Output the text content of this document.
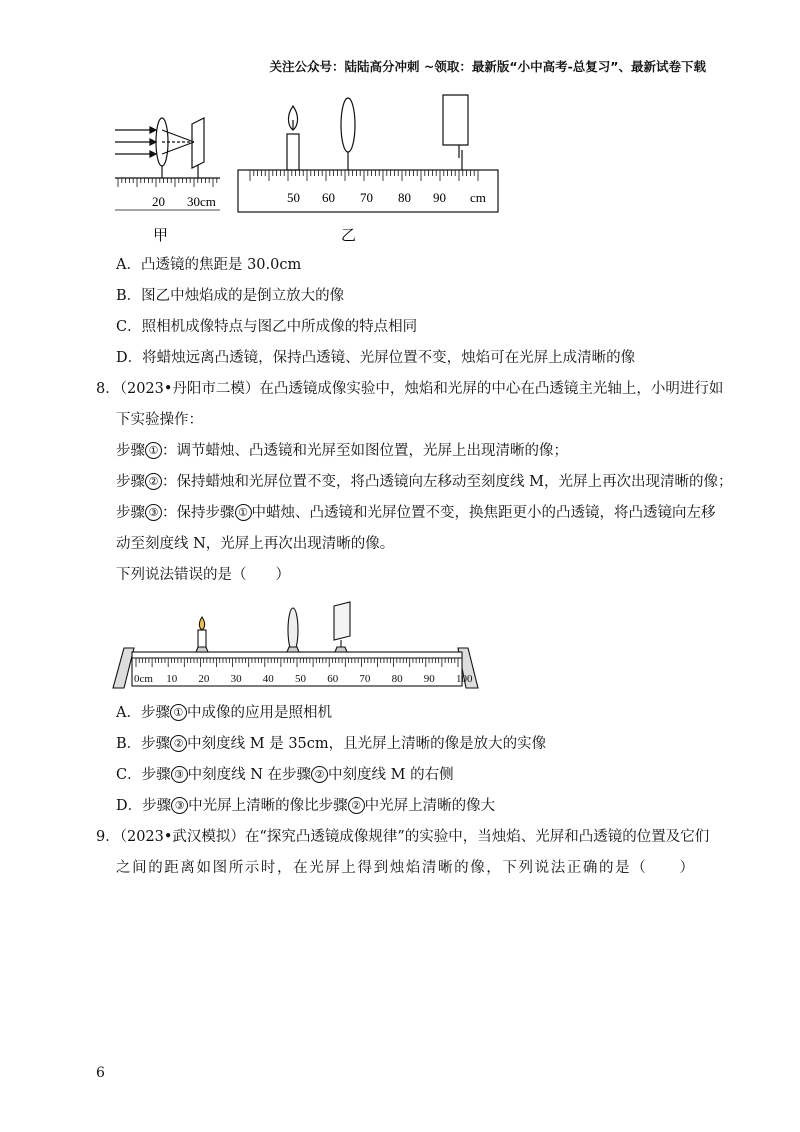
关注公众号：陆陆高分冲刺 ~领取：最新版“小中高考-总复习”、最新试卷下载
20 30cm	50 60 70 80 90 cm
甲	乙
A．凸透镜的焦距是 30.0cm
B．图乙中烛焰成的是倒立放大的像
C．照相机成像特点与图乙中所成像的特点相同
D．将蜡烛远离凸透镜，保持凸透镜、光屏位置不变，烛焰可在光屏上成清晰的像
8．（2023•丹阳市二模）在凸透镜成像实验中，烛焰和光屏的中心在凸透镜主光轴上，小明进行如
下实验操作：
步骤 ① ：调节蜡烛、凸透镜和光屏至如图位置，光屏上出现清晰的像；
步骤 ② ：保持蜡烛和光屏位置不变，将凸透镜向左移动至刻度线 M，光屏上再次出现清晰的像；
步骤 ③ ：保持步骤 ① 中蜡烛、凸透镜和光屏位置不变，换焦距更小的凸透镜，将凸透镜向左移
动至刻度线 N，光屏上再次出现清晰的像。
下列说法错误的是（　　）
0cm 10 20 30 40 50 60 70 80 90 100
A．步骤 ① 中成像的应用是照相机
B．步骤 ② 中刻度线 M 是 35cm，且光屏上清晰的像是放大的实像
C．步骤 ③ 中刻度线 N 在步骤 ② 中刻度线 M 的右侧
D．步骤 ③ 中光屏上清晰的像比步骤 ② 中光屏上清晰的像大
9．（2023•武汉模拟）在“探究凸透镜成像规律”的实验中，当烛焰、光屏和凸透镜的位置及它们
之间的距离如图所示时，在光屏上得到烛焰清晰的像，下列说法正确的是（　　）
6
